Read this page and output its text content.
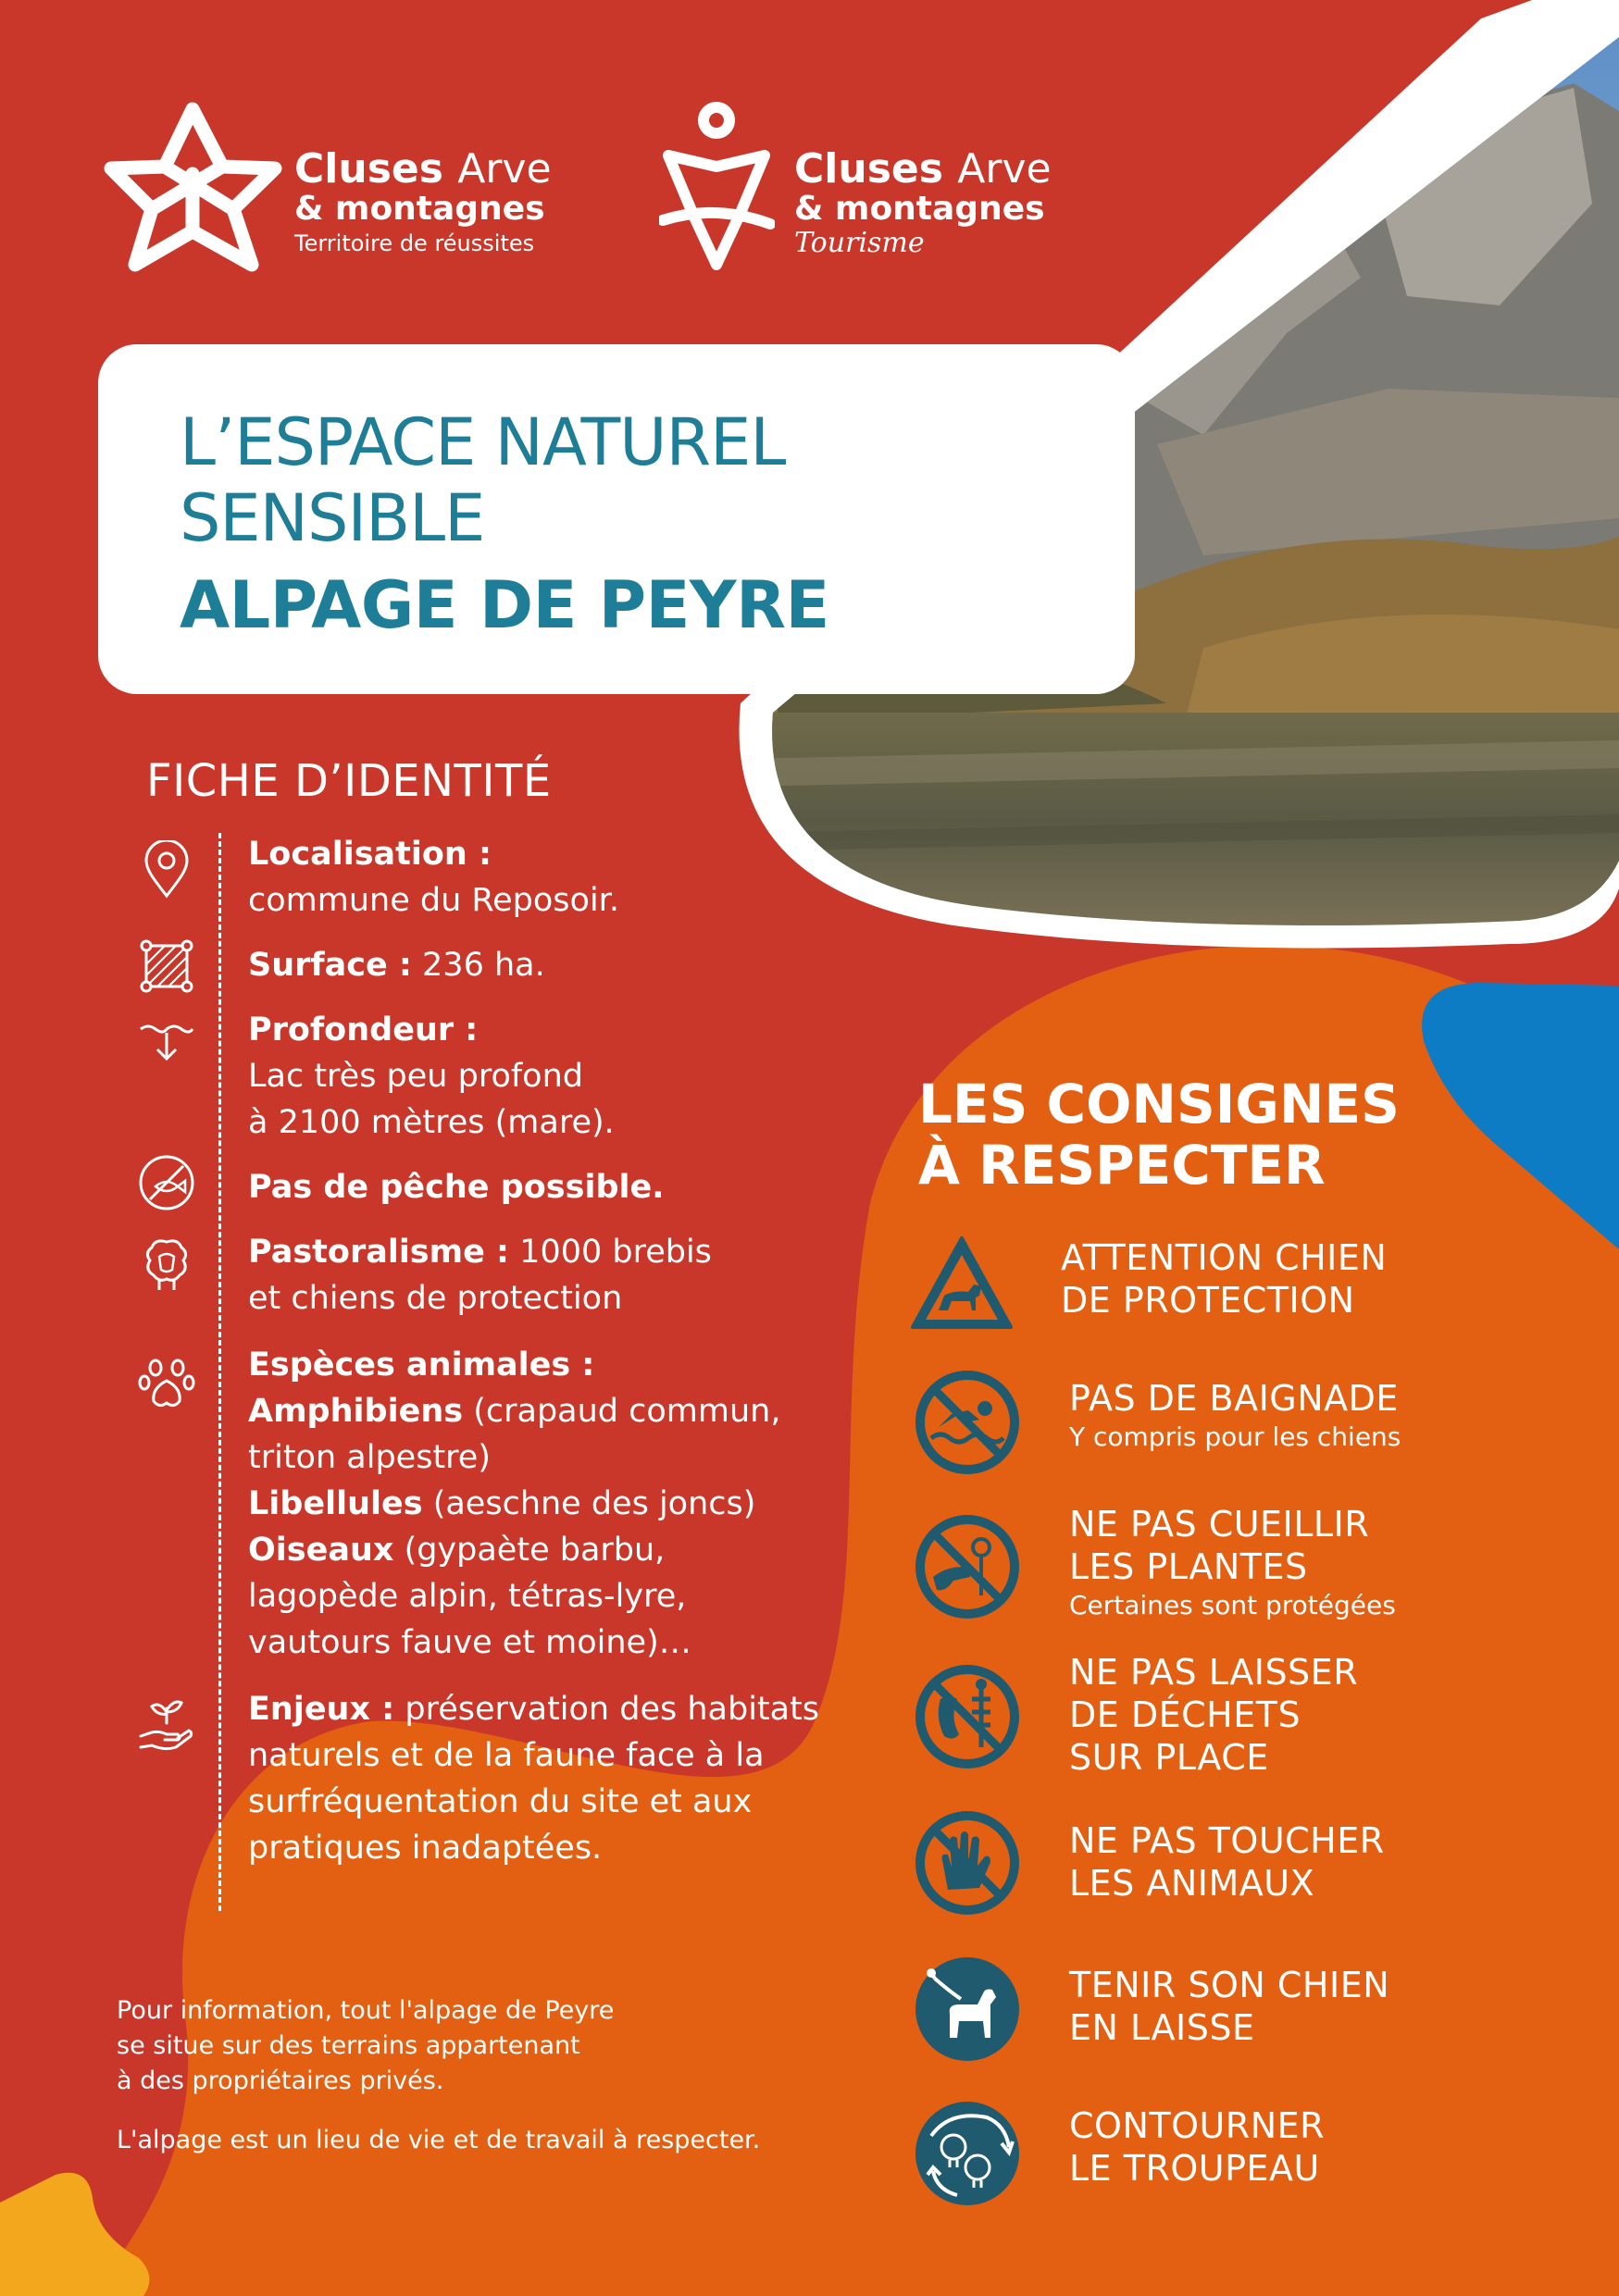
Cluses Arve
& montagnes
Territoire de réussites
Cluses Arve
& montagnes
Tourisme
L’ESPACE NATUREL
SENSIBLE
ALPAGE DE PEYRE
FICHE D’IDENTITÉ
Localisation :
commune du Reposoir.
Surface : 236 ha.
Profondeur :
Lac très peu profond
à 2100 mètres (mare).
Pas de pêche possible.
Pastoralisme : 1000 brebis
et chiens de protection
Espèces animales :
Amphibiens (crapaud commun,
triton alpestre)
Libellules (aeschne des joncs)
Oiseaux (gypaète barbu,
lagopède alpin, tétras-lyre,
vautours fauve et moine)…
Enjeux : préservation des habitats
naturels et de la faune face à la
surfréquentation du site et aux
pratiques inadaptées.
Pour information, tout l'alpage de Peyre
se situe sur des terrains appartenant
à des propriétaires privés.
L'alpage est un lieu de vie et de travail à respecter.
LES CONSIGNES
À RESPECTER
ATTENTION CHIEN
DE PROTECTION
PAS DE BAIGNADE
Y compris pour les chiens
NE PAS CUEILLIR
LES PLANTES
Certaines sont protégées
NE PAS LAISSER
DE DÉCHETS
SUR PLACE
NE PAS TOUCHER
LES ANIMAUX
TENIR SON CHIEN
EN LAISSE
CONTOURNER
LE TROUPEAU
